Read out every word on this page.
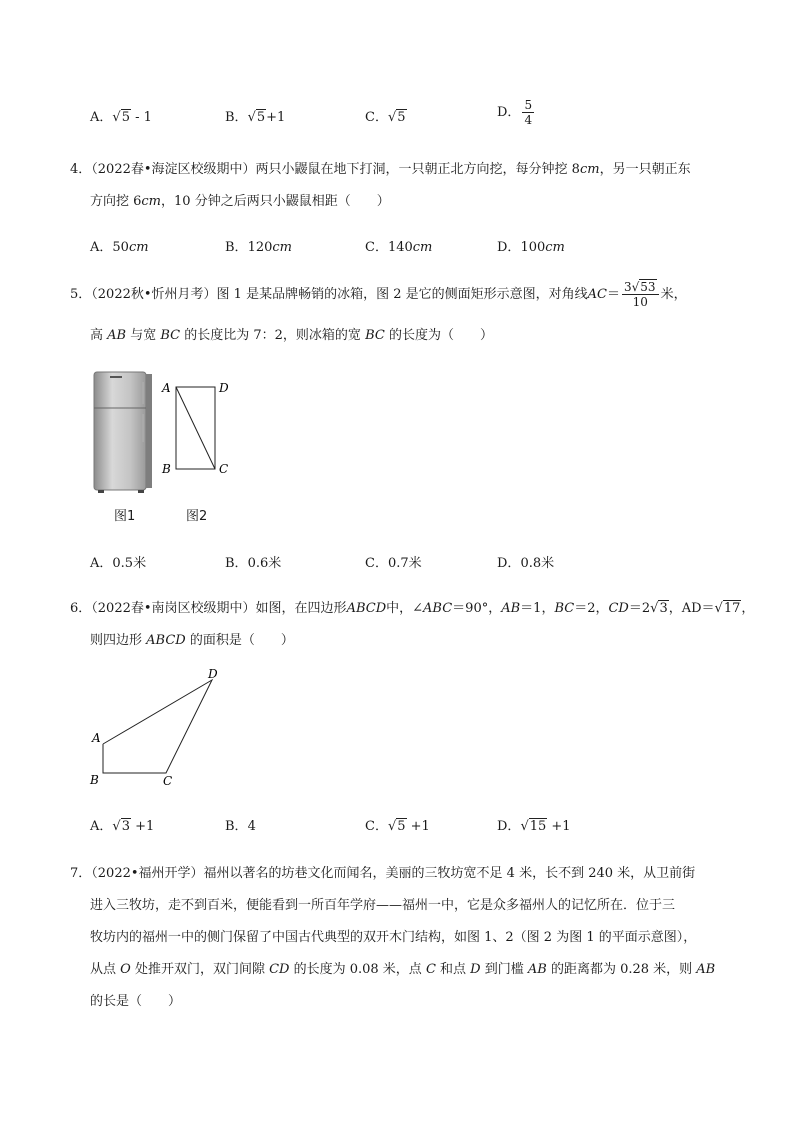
A．√5 - 1	B．√5+1	C．√5	D． $\frac{5}{4}$
4．（2022春•海淀区校级期中）两只小鼹鼠在地下打洞，一只朝正北方向挖，每分钟挖 8cm，另一只朝正东
方向挖 6cm，10 分钟之后两只小鼹鼠相距（　　）
A．50cm	B．120cm	C．140cm	D．100cm
5．（2022秋•忻州月考）图 1 是某品牌畅销的冰箱，图 2 是它的侧面矩形示意图，对角线$AC= \frac{3√53}{10}$ 米，
高 AB 与宽 BC 的长度比为 7：2，则冰箱的宽 BC 的长度为（　　）
A	D
B	C
图1	图2
A．0.5米	B．0.6米	C．0.7米	D．0.8米
6．（2022春•南岗区校级期中）如图，在四边形ABCD中，∠ABC＝90°，AB＝1，BC＝2，CD＝2√3，AD＝√17，
则四边形 ABCD 的面积是（　　）
A
B	C
D
A．√3 +1	B．4	C．√5 +1	D．√15 +1
7．（2022•福州开学）福州以著名的坊巷文化而闻名，美丽的三牧坊宽不足 4 米，长不到 240 米，从卫前街
进入三牧坊，走不到百米，便能看到一所百年学府——福州一中，它是众多福州人的记忆所在．位于三
牧坊内的福州一中的侧门保留了中国古代典型的双开木门结构，如图 1、2（图 2 为图 1 的平面示意图），
从点 O 处推开双门，双门间隙 CD 的长度为 0.08 米，点 C 和点 D 到门槛 AB 的距离都为 0.28 米，则 AB
的长是（　　）
